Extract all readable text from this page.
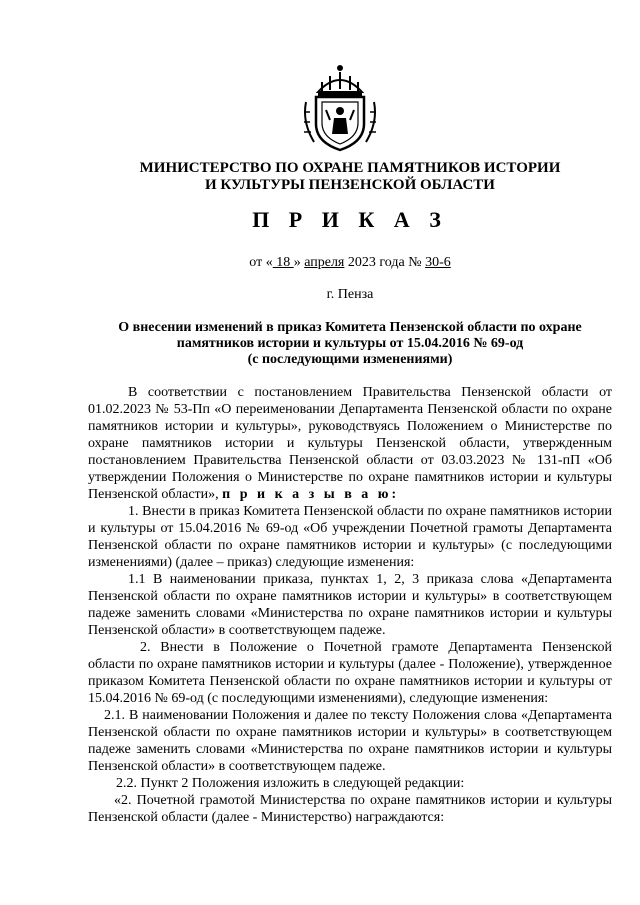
МИНИСТЕРСТВО ПО ОХРАНЕ ПАМЯТНИКОВ ИСТОРИИ
И КУЛЬТУРЫ ПЕНЗЕНСКОЙ ОБЛАСТИ
П Р И К А З
от « 18 » апреля 2023 года № 30-6
г. Пенза
О внесении изменений в приказ Комитета Пензенской области по охране
памятников истории и культуры от 15.04.2016 № 69-од
(с последующими изменениями)

В соответствии с постановлением Правительства Пензенской области от 01.02.2023 № 53-Пп «О переименовании Департамента Пензенской области по охране памятников истории и культуры», руководствуясь Положением о Министерстве по охране памятников истории и культуры Пензенской области, утвержденным постановлением Правительства Пензенской области от 03.03.2023 № 131-пП «Об утверждении Положения о Министерстве по охране памятников истории и культуры Пензенской области», п р и к а з ы в а ю:

1. Внести в приказ Комитета Пензенской области по охране памятников истории и культуры от 15.04.2016 № 69-од «Об учреждении Почетной грамоты Департамента Пензенской области по охране памятников истории и культуры» (с последующими изменениями) (далее – приказ) следующие изменения:

1.1 В наименовании приказа, пунктах 1, 2, 3 приказа слова «Департамента Пензенской области по охране памятников истории и культуры» в соответствующем падеже заменить словами «Министерства по охране памятников истории и культуры Пензенской области» в соответствующем падеже.

2. Внести в Положение о Почетной грамоте Департамента Пензенской области по охране памятников истории и культуры (далее - Положение), утвержденное приказом Комитета Пензенской области по охране памятников истории и культуры от 15.04.2016 № 69-од (с последующими изменениями), следующие изменения:

2.1. В наименовании Положения и далее по тексту Положения слова «Департамента Пензенской области по охране памятников истории и культуры» в соответствующем падеже заменить словами «Министерства по охране памятников истории и культуры Пензенской области» в соответствующем падеже.

2.2. Пункт 2 Положения изложить в следующей редакции:

«2. Почетной грамотой Министерства по охране памятников истории и культуры Пензенской области (далее - Министерство) награждаются:
